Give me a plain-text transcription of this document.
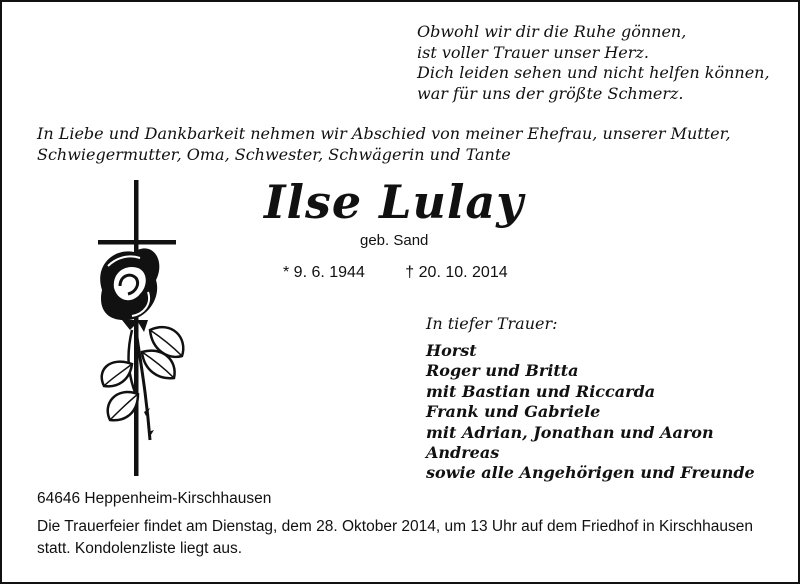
Obwohl wir dir die Ruhe gönnen,
ist voller Trauer unser Herz.
Dich leiden sehen und nicht helfen können,
war für uns der größte Schmerz.
In Liebe und Dankbarkeit nehmen wir Abschied von meiner Ehefrau, unserer Mutter, Schwiegermutter, Oma, Schwester, Schwägerin und Tante
Ilse Lulay
geb. Sand
* 9. 6. 1944	† 20. 10. 2014
In tiefer Trauer:
Horst
Roger und Britta
mit Bastian und Riccarda
Frank und Gabriele
mit Adrian, Jonathan und Aaron
Andreas
sowie alle Angehörigen und Freunde
64646 Heppenheim-Kirschhausen
Die Trauerfeier findet am Dienstag, dem 28. Oktober 2014, um 13 Uhr auf dem Friedhof in Kirschhausen statt. Kondolenzliste liegt aus.
